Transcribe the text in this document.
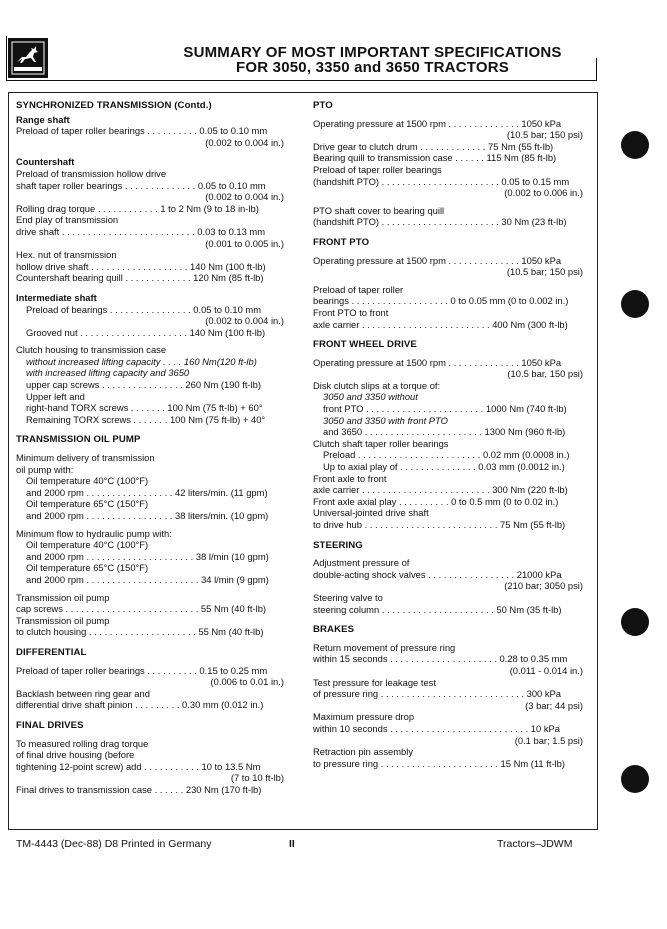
SUMMARY OF MOST IMPORTANT SPECIFICATIONS
FOR 3050, 3350 and 3650 TRACTORS
SYNCHRONIZED TRANSMISSION (Contd.)
Range shaft
Preload of taper roller bearings . . . . . . . . . . 0.05 to 0.10 mm
(0.002 to 0.004 in.)
Countershaft
Preload of transmission hollow drive
shaft taper roller bearings . . . . . . . . . . . . . . 0.05 to 0.10 mm
(0.002 to 0.004 in.)
Rolling drag torque . . . . . . . . . . . . 1 to 2 Nm (9 to 18 in-lb)
End play of transmission
drive shaft . . . . . . . . . . . . . . . . . . . . . . . . . . 0.03 to 0.13 mm
(0.001 to 0.005 in.)
Hex. nut of transmission
hollow drive shaft . . . . . . . . . . . . . . . . . . . 140 Nm (100 ft-lb)
Countershaft bearing quill . . . . . . . . . . . . . 120 Nm (85 ft-lb)
Intermediate shaft
Preload of bearings . . . . . . . . . . . . . . . . 0.05 to 0.10 mm
(0.002 to 0.004 in.)
Grooved nut . . . . . . . . . . . . . . . . . . . . . 140 Nm (100 ft-lb)
Clutch housing to transmission case
without increased lifting capacity . . . . 160 Nm(120 ft-lb)
with increased lifting capacity and 3650
upper cap screws . . . . . . . . . . . . . . . . 260 Nm (190 ft-lb)
Upper left and
right-hand TORX screws . . . . . . . 100 Nm (75 ft-lb) + 60°
Remaining TORX screws . . . . . . . 100 Nm (75 ft-lb) + 40°
TRANSMISSION OIL PUMP
Minimum delivery of transmission
oil pump with:
Oil temperature 40°C (100°F)
and 2000 rpm . . . . . . . . . . . . . . . . . 42 liters/min. (11 gpm)
Oil temperature 65°C (150°F)
and 2000 rpm . . . . . . . . . . . . . . . . . 38 liters/min. (10 gpm)
Minimum flow to hydraulic pump with:
Oil temperature 40°C (100°F)
and 2000 rpm . . . . . . . . . . . . . . . . . . . . . 38 l/min (10 gpm)
Oil temperature 65°C (150°F)
and 2000 rpm . . . . . . . . . . . . . . . . . . . . . . 34 l/min (9 gpm)
Transmission oil pump
cap screws . . . . . . . . . . . . . . . . . . . . . . . . . . 55 Nm (40 ft-lb)
Transmission oil pump
to clutch housing . . . . . . . . . . . . . . . . . . . . . 55 Nm (40 ft-lb)
DIFFERENTIAL
Preload of taper roller bearings . . . . . . . . . . 0.15 to 0.25 mm
(0.006 to 0.01 in.)
Backlash between ring gear and
differential drive shaft pinion . . . . . . . . . 0.30 mm (0.012 in.)
FINAL DRIVES
To measured rolling drag torque
of final drive housing (before
tightening 12-point screw) add . . . . . . . . . . . 10 to 13.5 Nm
(7 to 10 ft-lb)
Final drives to transmission case . . . . . . 230 Nm (170 ft-lb)
PTO
Operating pressure at 1500 rpm . . . . . . . . . . . . . . 1050 kPa
(10.5 bar; 150 psi)
Drive gear to clutch drum . . . . . . . . . . . . . 75 Nm (55 ft-lb)
Bearing quill to transmission case . . . . . . 115 Nm (85 ft-lb)
Preload of taper roller bearings
(handshift PTO) . . . . . . . . . . . . . . . . . . . . . . . 0.05 to 0.15 mm
(0.002 to 0.006 in.)
PTO shaft cover to bearing quill
(handshift PTO) . . . . . . . . . . . . . . . . . . . . . . . 30 Nm (23 ft-lb)
FRONT PTO
Operating pressure at 1500 rpm . . . . . . . . . . . . . . 1050 kPa
(10.5 bar; 150 psi)
Preload of taper roller
bearings . . . . . . . . . . . . . . . . . . . 0 to 0.05 mm (0 to 0.002 in.)
Front PTO to front
axle carrier . . . . . . . . . . . . . . . . . . . . . . . . . 400 Nm (300 ft-lb)
FRONT WHEEL DRIVE
Operating pressure at 1500 rpm . . . . . . . . . . . . . . 1050 kPa
(10.5 bar, 150 psi)
Disk clutch slips at a torque of:
3050 and 3350 without
front PTO . . . . . . . . . . . . . . . . . . . . . . . 1000 Nm (740 ft-lb)
3050 and 3350 with front PTO
and 3650 . . . . . . . . . . . . . . . . . . . . . . . 1300 Nm (960 ft-lb)
Clutch shaft taper roller bearings
Preload . . . . . . . . . . . . . . . . . . . . . . . . 0.02 mm (0.0008 in.)
Up to axial play of . . . . . . . . . . . . . . . 0.03 mm (0.0012 in.)
Front axle to front
axle carrier . . . . . . . . . . . . . . . . . . . . . . . . . 300 Nm (220 ft-lb)
Front axle axial play . . . . . . . . . . 0 to 0.5 mm (0 to 0.02 in.)
Universal-jointed drive shaft
to drive hub . . . . . . . . . . . . . . . . . . . . . . . . . . 75 Nm (55 ft-lb)
STEERING
Adjustment pressure of
double-acting shock valves . . . . . . . . . . . . . . . . . 21000 kPa
(210 bar; 3050 psi)
Steering valve to
steering column . . . . . . . . . . . . . . . . . . . . . . 50 Nm (35 ft-lb)
BRAKES
Return movement of pressure ring
within 15 seconds . . . . . . . . . . . . . . . . . . . . . 0.28 to 0.35 mm
(0.011 - 0.014 in.)
Test pressure for leakage test
of pressure ring . . . . . . . . . . . . . . . . . . . . . . . . . . . . 300 kPa
(3 bar; 44 psi)
Maximum pressure drop
within 10 seconds . . . . . . . . . . . . . . . . . . . . . . . . . . . 10 kPa
(0.1 bar; 1.5 psi)
Retraction pin assembly
to pressure ring . . . . . . . . . . . . . . . . . . . . . . . 15 Nm (11 ft-lb)
TM-4443 (Dec-88) D8 Printed in Germany	II	Tractors–JDWM
